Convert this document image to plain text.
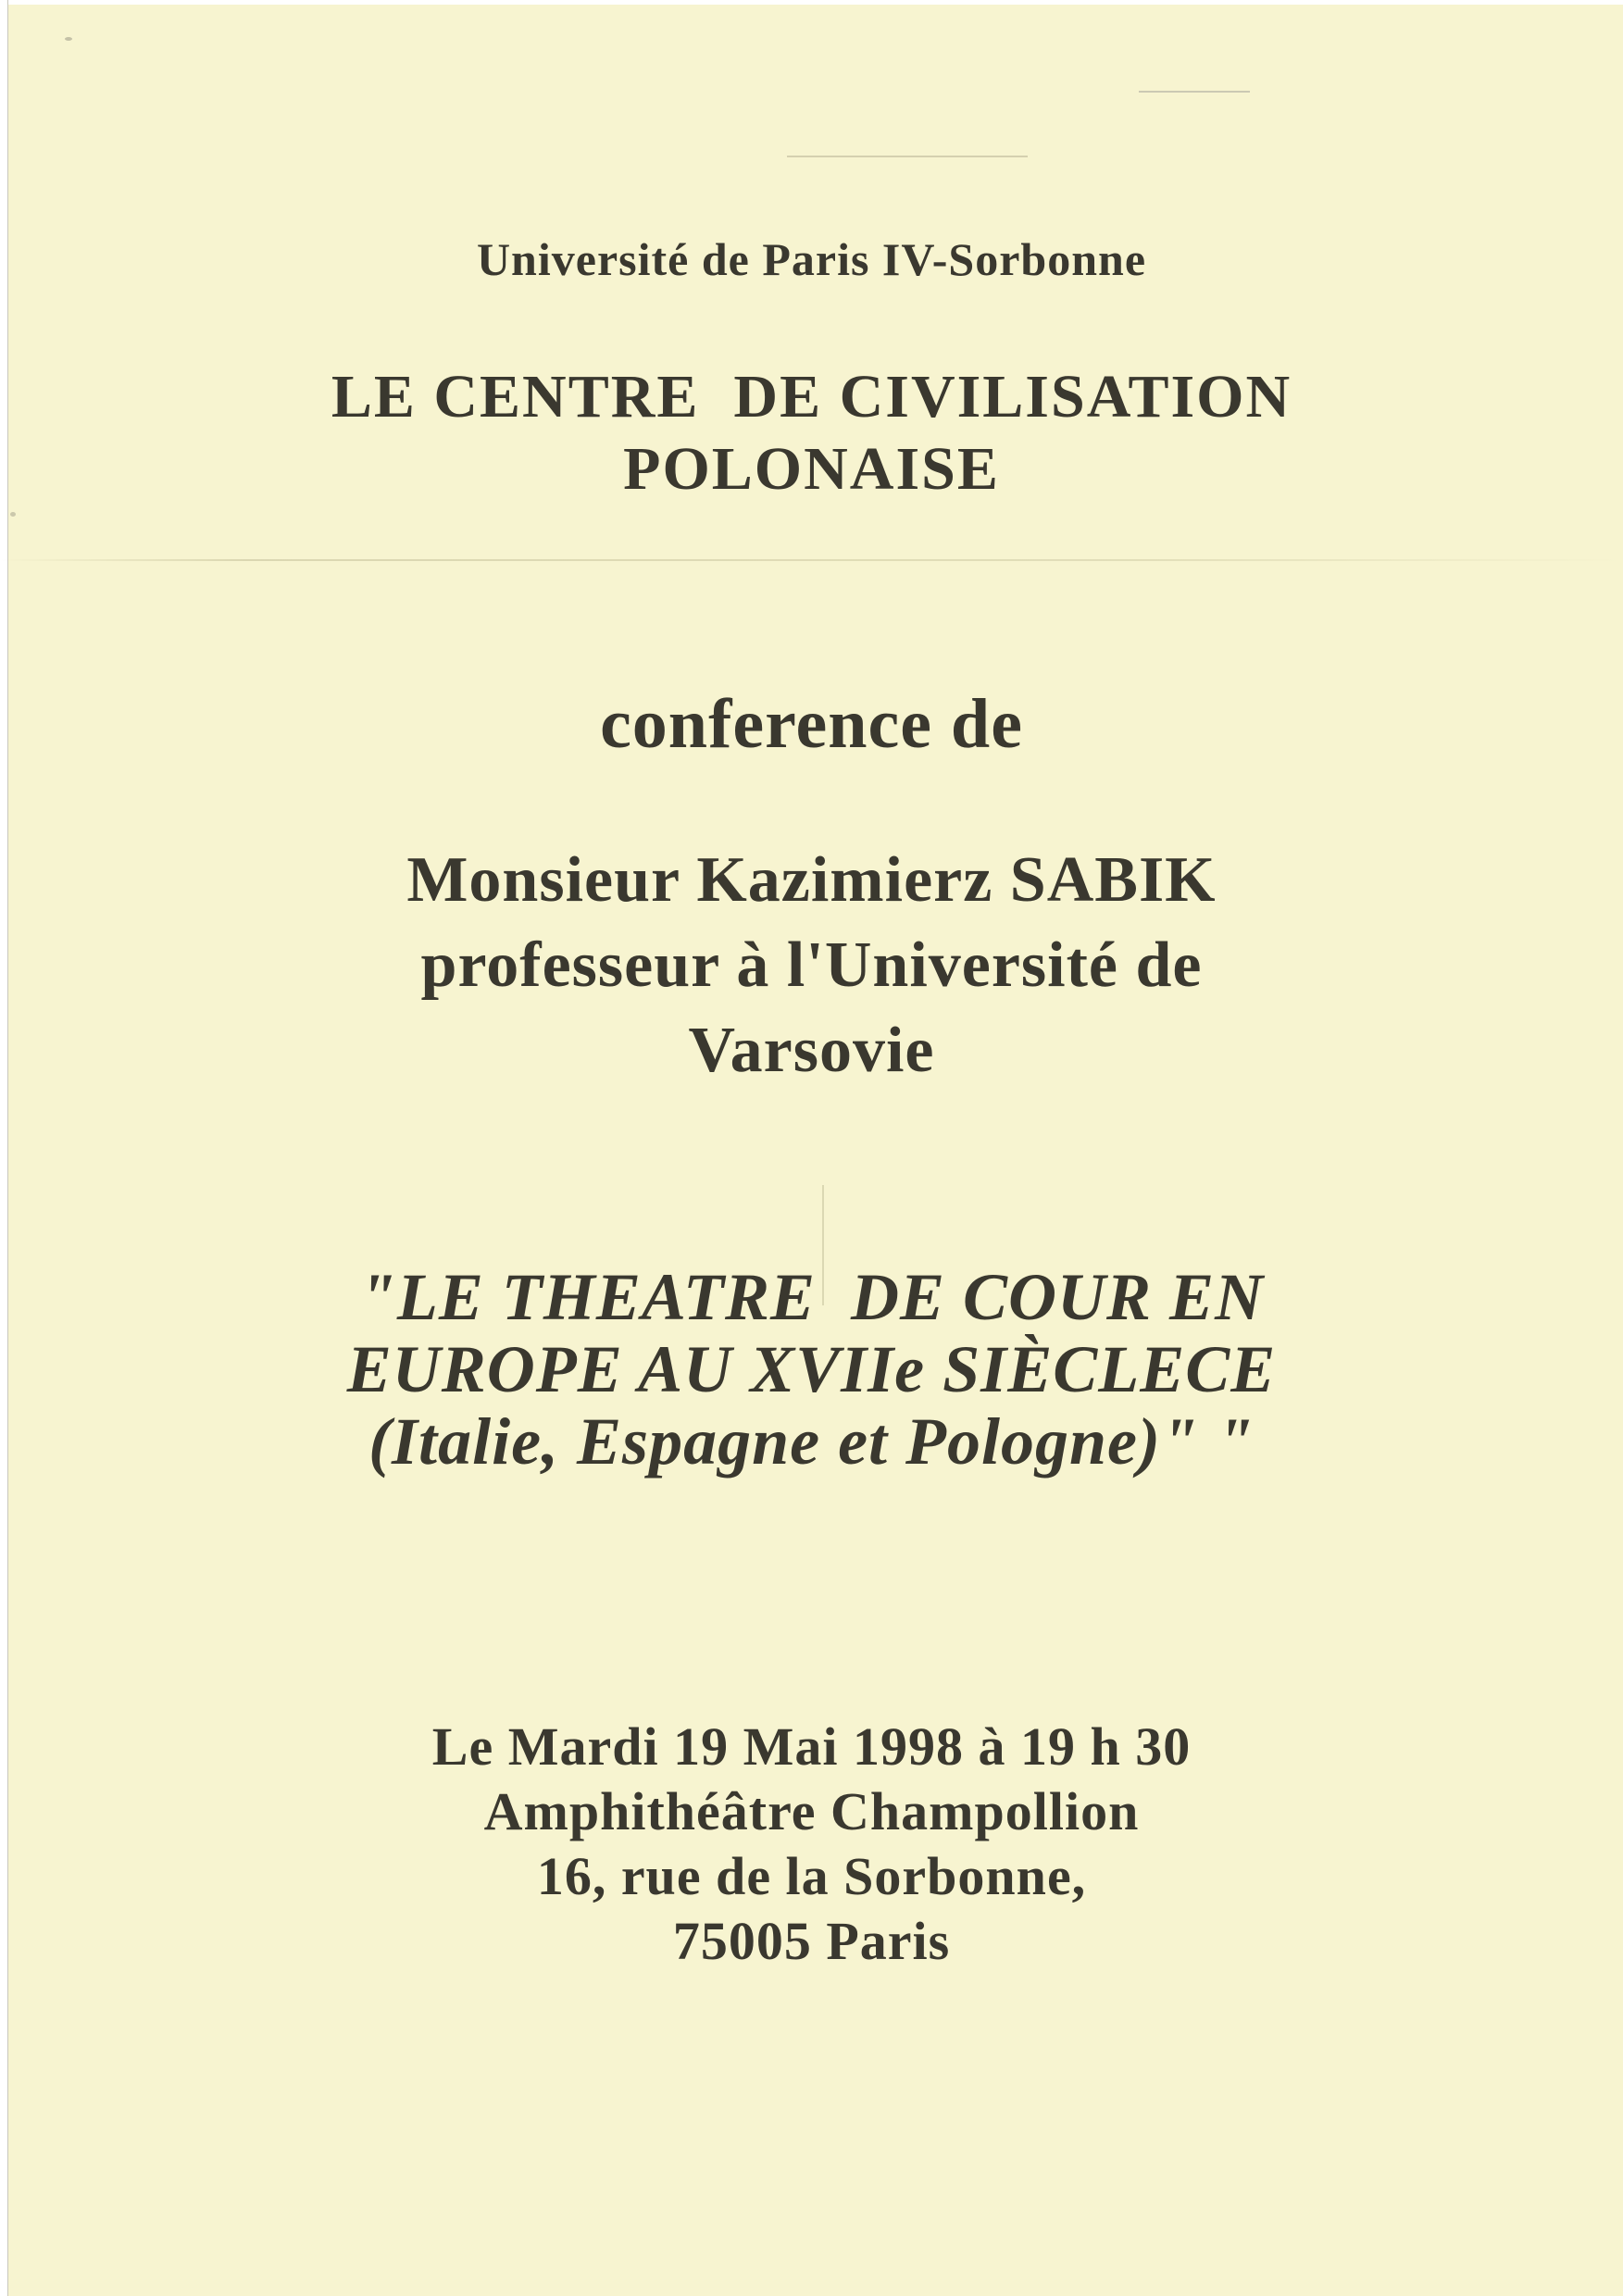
Université de Paris IV-Sorbonne
LE CENTRE  DE CIVILISATION
POLONAISE
conference de
Monsieur Kazimierz SABIK
professeur à l'Université de
Varsovie
"LE THEATRE  DE COUR EN
EUROPE AU XVIIe SIÈCLECE
(Italie, Espagne et Pologne)" "
Le Mardi 19 Mai 1998 à 19 h 30
Amphithéâtre Champollion
16, rue de la Sorbonne,
75005 Paris
